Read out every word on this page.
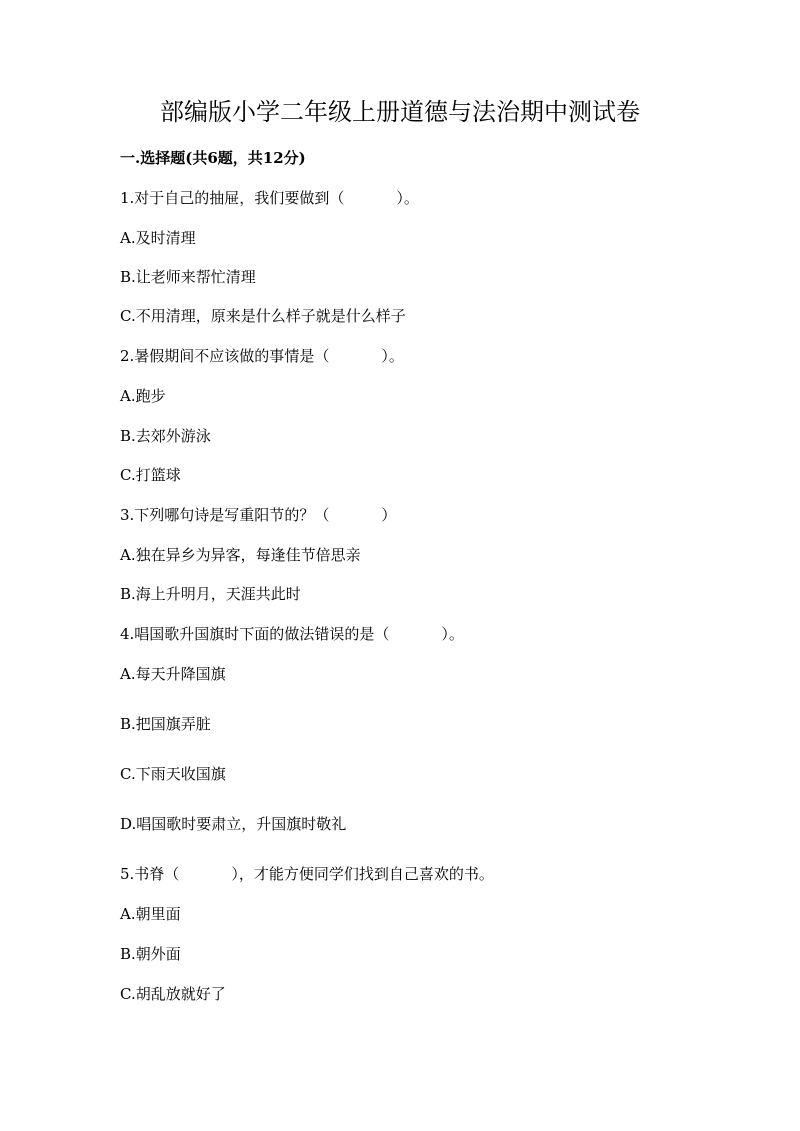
部编版小学二年级上册道德与法治期中测试卷
一.选择题(共6题，共12分)
1.对于自己的抽屉，我们要做到（	）。
A.及时清理
B.让老师来帮忙清理
C.不用清理，原来是什么样子就是什么样子
2.暑假期间不应该做的事情是（	）。
A.跑步
B.去郊外游泳
C.打篮球
3.下列哪句诗是写重阳节的？（	）
A.独在异乡为异客，每逢佳节倍思亲
B.海上升明月，天涯共此时
4.唱国歌升国旗时下面的做法错误的是（	）。
A.每天升降国旗
B.把国旗弄脏
C.下雨天收国旗
D.唱国歌时要肃立，升国旗时敬礼
5.书脊（	），才能方便同学们找到自己喜欢的书。
A.朝里面
B.朝外面
C.胡乱放就好了
